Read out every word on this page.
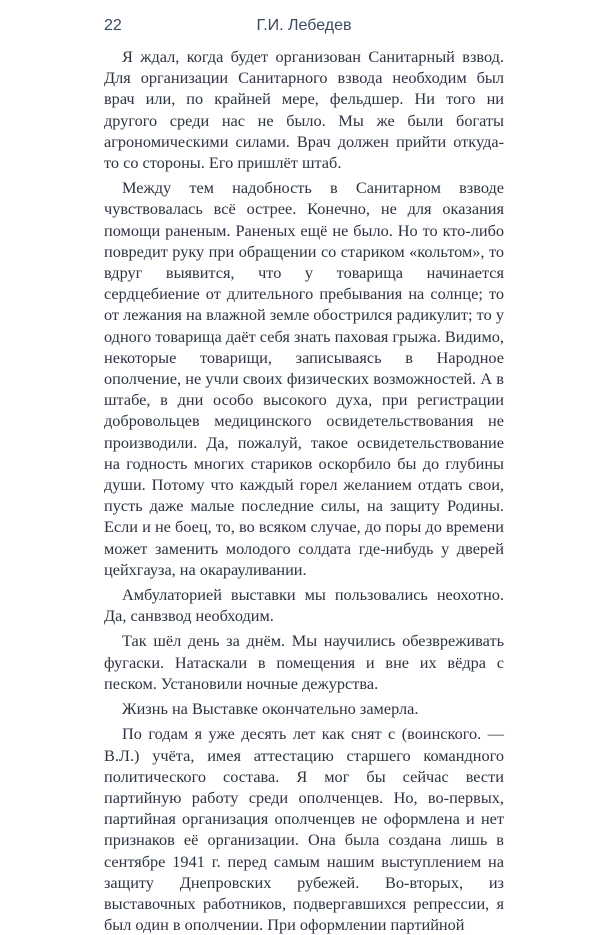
22	Г.И. Лебедев

Я ждал, когда будет организован Санитарный взвод. Для организации Санитарного взвода необходим был врач или, по крайней мере, фельдшер. Ни того ни другого среди нас не было. Мы же были богаты агрономическими силами. Врач должен прийти откуда-то со стороны. Его пришлёт штаб.

Между тем надобность в Санитарном взводе чувствовалась всё острее. Конечно, не для оказания помощи раненым. Раненых ещё не было. Но то кто-либо повредит руку при обращении со стариком «кольтом», то вдруг выявится, что у товарища начинается сердцебиение от длительного пребывания на солнце; то от лежания на влажной земле обострился радикулит; то у одного товарища даёт себя знать паховая грыжа. Видимо, некоторые товарищи, записываясь в Народное ополчение, не учли своих физических возможностей. А в штабе, в дни особо высокого духа, при регистрации добровольцев медицинского освидетельствования не производили. Да, пожалуй, такое освидетельствование на годность многих стариков оскорбило бы до глубины души. Потому что каждый горел желанием отдать свои, пусть даже малые последние силы, на защиту Родины. Если и не боец, то, во всяком случае, до поры до времени может заменить молодого солдата где-нибудь у дверей цейхгауза, на окарауливании.

Амбулаторией выставки мы пользовались неохотно. Да, санвзвод необходим.

Так шёл день за днём. Мы научились обезвреживать фугаски. Натаскали в помещения и вне их вёдра с песком. Установили ночные дежурства.

Жизнь на Выставке окончательно замерла.

По годам я уже десять лет как снят с (воинского. — В.Л.) учёта, имея аттестацию старшего командного политического состава. Я мог бы сейчас вести партийную работу среди ополченцев. Но, во-первых, партийная организация ополченцев не оформлена и нет признаков её организации. Она была создана лишь в сентябре 1941 г. перед самым нашим выступлением на защиту Днепровских рубежей. Во-вторых, из выставочных работников, подвергавшихся репрессии, я был один в ополчении. При оформлении партийной
